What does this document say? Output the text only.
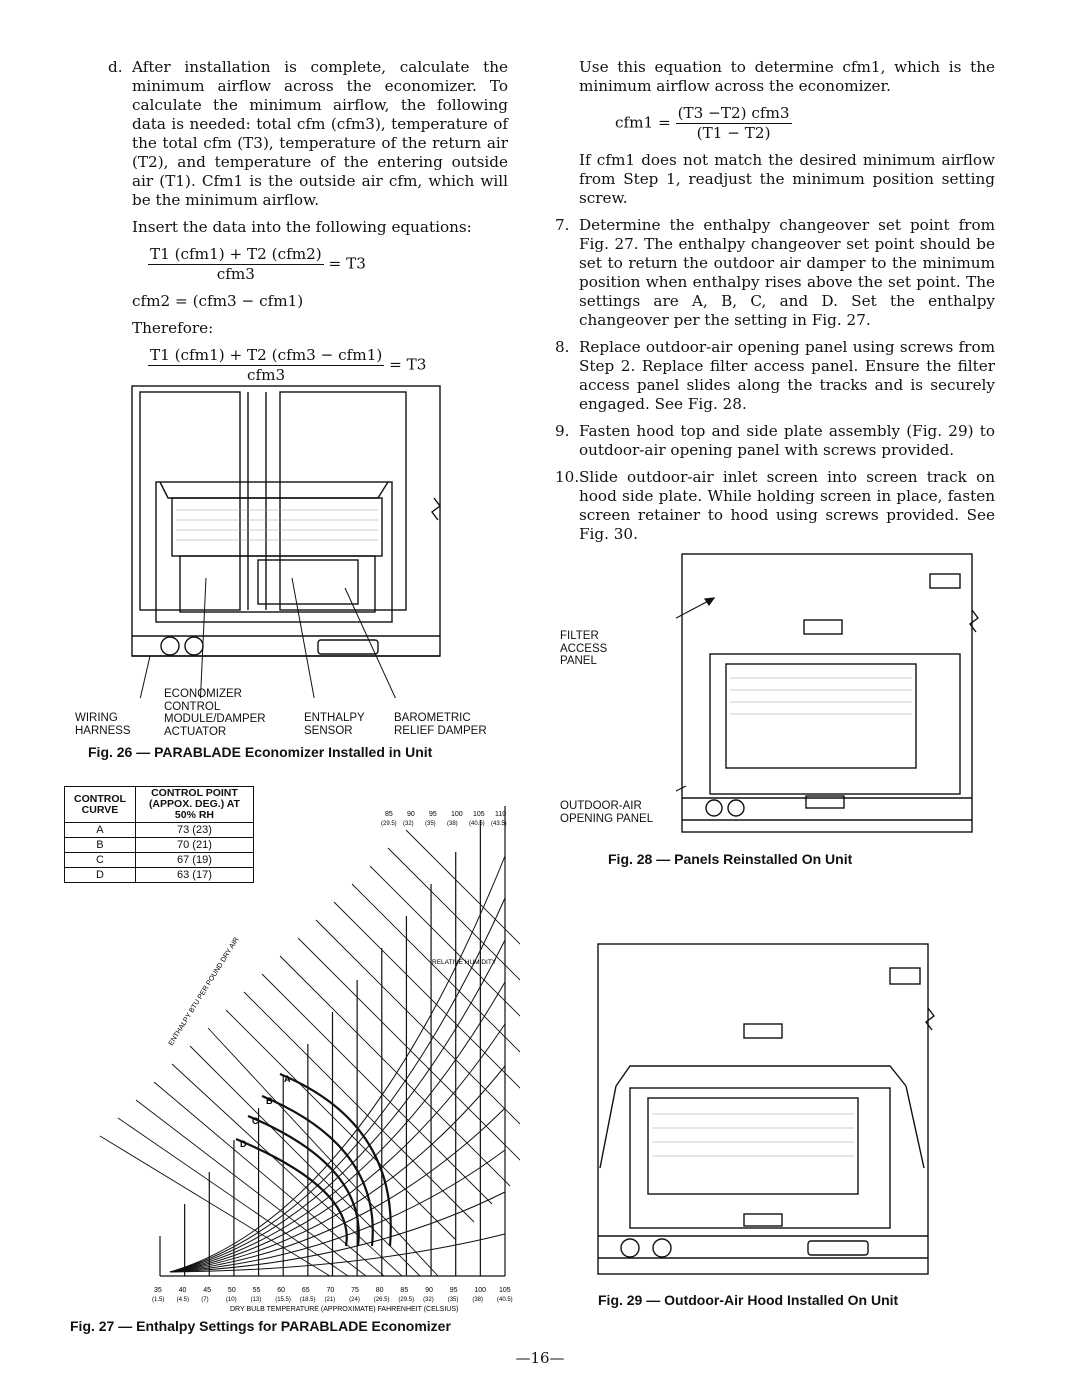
d. After installation is complete, calculate the minimum airflow across the economizer. To calculate the minimum airflow, the following data is needed: total cfm (cfm3), temperature of the total cfm (T3), temperature of the return air (T2), and temperature of the entering outside air (T1). Cfm1 is the outside air cfm, which will be the minimum airflow.
Insert the data into the following equations:
$\frac{\text{T1 (cfm1) + T2 (cfm2)}}{\text{cfm3}} = T3$
cfm2 = (cfm3 − cfm1)
Therefore:
$\frac{\text{T1 (cfm1) + T2 (cfm3 − cfm1)}}{\text{cfm3}} = T3$
Use this equation to determine cfm1, which is the minimum airflow across the economizer.
$cfm1 = \frac{\text{(T3 −T2) cfm3}}{(T1 - T2)}$
If cfm1 does not match the desired minimum airflow from Step 1, readjust the minimum position setting screw.
7. Determine the enthalpy changeover set point from Fig. 27. The enthalpy changeover set point should be set to return the outdoor air damper to the minimum position when enthalpy rises above the set point. The settings are A, B, C, and D. Set the enthalpy changeover per the setting in Fig. 27.
8. Replace outdoor-air opening panel using screws from Step 2. Replace filter access panel. Ensure the filter access panel slides along the tracks and is securely engaged. See Fig. 28.
9. Fasten hood top and side plate assembly (Fig. 29) to outdoor-air opening panel with screws provided.
10. Slide outdoor-air inlet screen into screen track on hood side plate. While holding screen in place, fasten screen retainer to hood using screws provided. See Fig. 30.
WIRING
HARNESS
ECONOMIZER
CONTROL
MODULE/DAMPER
ACTUATOR
ENTHALPY
SENSOR
BAROMETRIC
RELIEF DAMPER
Fig. 26 — PARABLADE Economizer Installed in Unit
CONTROL CURVE	CONTROL POINT (APPOX. DEG.) AT 50% RH
A	73 (23)
B	70 (21)
C	67 (19)
D	63 (17)
35
(1.5)
40
(4.5)
45
(7)
50
(10)
55
(13)
60
(15.5)
65
(18.5)
70
(21)
75
(24)
80
(26.5)
85
(29.5)
90
(32)
95
(35)
100
(38)
105
(40.5)
85
(29.5)
90
(32)
95
(35)
100
(38)
105
(40.5)
110
(43.5)
A
B
C
D
DRY BULB TEMPERATURE (APPROXIMATE) FAHRENHEIT (CELSIUS)
ENTHALPY BTU PER POUND DRY AIR	RELATIVE HUMIDITY
Fig. 27 — Enthalpy Settings for PARABLADE Economizer
FILTER
ACCESS
PANEL
OUTDOOR-AIR
OPENING PANEL
Fig. 28 — Panels Reinstalled On Unit
Fig. 29 — Outdoor-Air Hood Installed On Unit
—16—
